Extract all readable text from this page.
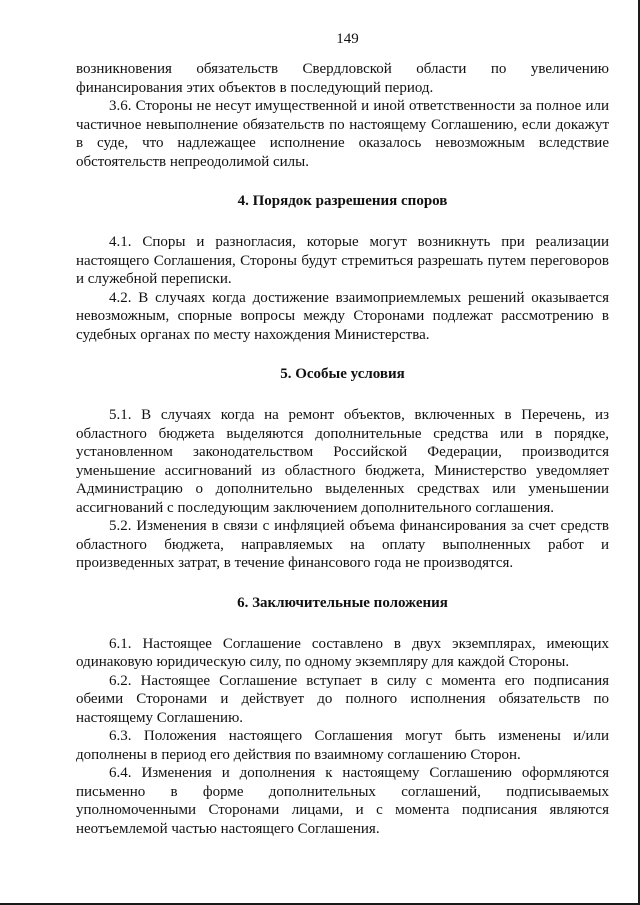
149

возникновения обязательств Свердловской области по увеличению финансирования этих объектов в последующий период.

3.6. Стороны не несут имущественной и иной ответственности за полное или частичное невыполнение обязательств по настоящему Соглашению, если докажут в суде, что надлежащее исполнение оказалось невозможным вследствие обстоятельств непреодолимой силы.

4. Порядок разрешения споров

4.1. Споры и разногласия, которые могут возникнуть при реализации настоящего Соглашения, Стороны будут стремиться разрешать путем переговоров и служебной переписки.

4.2. В случаях когда достижение взаимоприемлемых решений оказывается невозможным, спорные вопросы между Сторонами подлежат рассмотрению в судебных органах по месту нахождения Министерства.

5. Особые условия

5.1. В случаях когда на ремонт объектов, включенных в Перечень, из областного бюджета выделяются дополнительные средства или в порядке, установленном законодательством Российской Федерации, производится уменьшение ассигнований из областного бюджета, Министерство уведомляет Администрацию о дополнительно выделенных средствах или уменьшении ассигнований с последующим заключением дополнительного соглашения.

5.2. Изменения в связи с инфляцией объема финансирования за счет средств областного бюджета, направляемых на оплату выполненных работ и произведенных затрат, в течение финансового года не производятся.

6. Заключительные положения

6.1. Настоящее Соглашение составлено в двух экземплярах, имеющих одинаковую юридическую силу, по одному экземпляру для каждой Стороны.

6.2. Настоящее Соглашение вступает в силу с момента его подписания обеими Сторонами и действует до полного исполнения обязательств по настоящему Соглашению.

6.3. Положения настоящего Соглашения могут быть изменены и/или дополнены в период его действия по взаимному соглашению Сторон.

6.4. Изменения и дополнения к настоящему Соглашению оформляются письменно в форме дополнительных соглашений, подписываемых уполномоченными Сторонами лицами, и с момента подписания являются неотъемлемой частью настоящего Соглашения.
